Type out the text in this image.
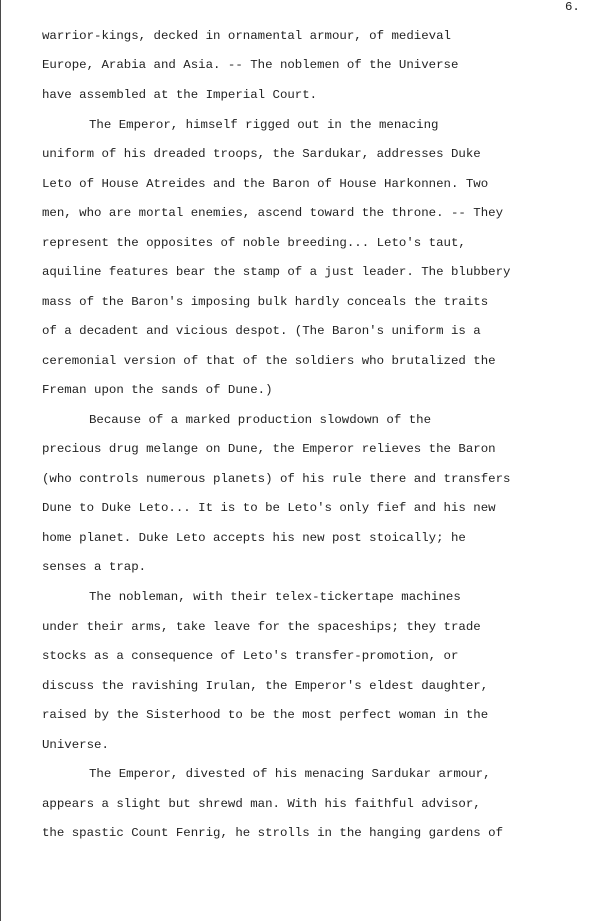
6.
warrior-kings, decked in ornamental armour, of medieval
Europe, Arabia and Asia. -- The noblemen of the Universe
have assembled at the Imperial Court.
The Emperor, himself rigged out in the menacing
uniform of his dreaded troops, the Sardukar, addresses Duke
Leto of House Atreides and the Baron of House Harkonnen. Two
men, who are mortal enemies, ascend toward the throne. -- They
represent the opposites of noble breeding... Leto's taut,
aquiline features bear the stamp of a just leader. The blubbery
mass of the Baron's imposing bulk hardly conceals the traits
of a decadent and vicious despot. (The Baron's uniform is a
ceremonial version of that of the soldiers who brutalized the
Freman upon the sands of Dune.)
Because of a marked production slowdown of the
precious drug melange on Dune, the Emperor relieves the Baron
(who controls numerous planets) of his rule there and transfers
Dune to Duke Leto... It is to be Leto's only fief and his new
home planet. Duke Leto accepts his new post stoically; he
senses a trap.
The nobleman, with their telex-tickertape machines
under their arms, take leave for the spaceships; they trade
stocks as a consequence of Leto's transfer-promotion, or
discuss the ravishing Irulan, the Emperor's eldest daughter,
raised by the Sisterhood to be the most perfect woman in the
Universe.
The Emperor, divested of his menacing Sardukar armour,
appears a slight but shrewd man. With his faithful advisor,
the spastic Count Fenrig, he strolls in the hanging gardens of
